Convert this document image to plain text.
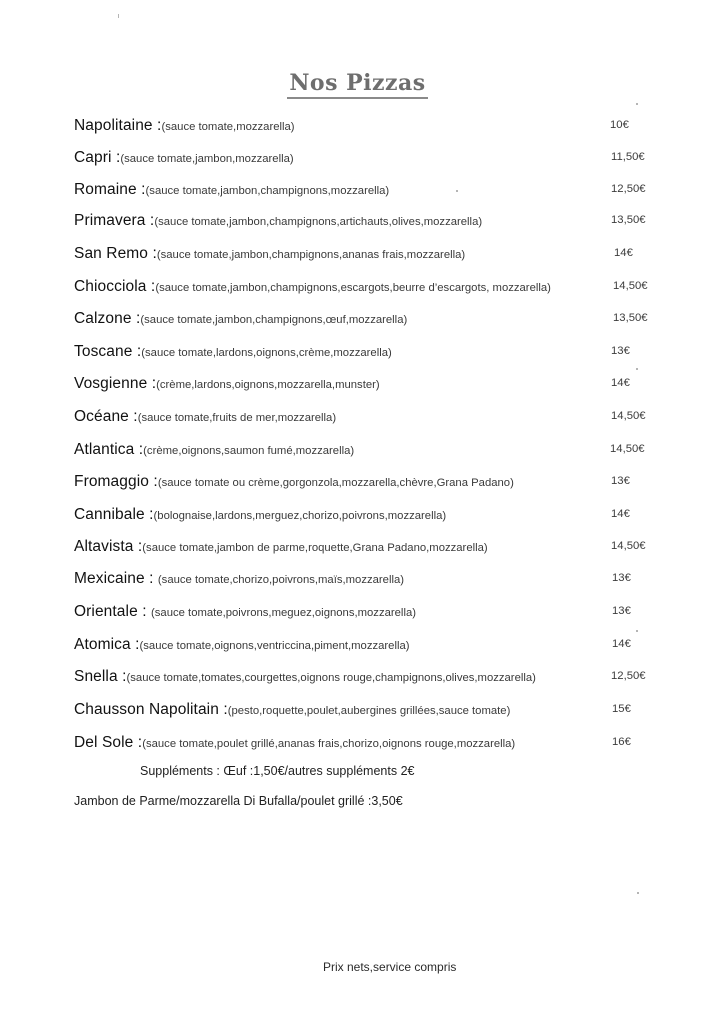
Nos Pizzas
Napolitaine :(sauce tomate,mozzarella)	10€
Capri :(sauce tomate,jambon,mozzarella)	11,50€
Romaine :(sauce tomate,jambon,champignons,mozzarella)	12,50€
Primavera :(sauce tomate,jambon,champignons,artichauts,olives,mozzarella)	13,50€
San Remo :(sauce tomate,jambon,champignons,ananas frais,mozzarella)	14€
Chiocciola :(sauce tomate,jambon,champignons,escargots,beurre d’escargots, mozzarella)	14,50€
Calzone :(sauce tomate,jambon,champignons,œuf,mozzarella)	13,50€
Toscane :(sauce tomate,lardons,oignons,crème,mozzarella)	13€
Vosgienne :(crème,lardons,oignons,mozzarella,munster)	14€
Océane :(sauce tomate,fruits de mer,mozzarella)	14,50€
Atlantica :(crème,oignons,saumon fumé,mozzarella)	14,50€
Fromaggio :(sauce tomate ou crème,gorgonzola,mozzarella,chèvre,Grana Padano)	13€
Cannibale :(bolognaise,lardons,merguez,chorizo,poivrons,mozzarella)	14€
Altavista :(sauce tomate,jambon de parme,roquette,Grana Padano,mozzarella)	14,50€
Mexicaine : (sauce tomate,chorizo,poivrons,maïs,mozzarella)	13€
Orientale : (sauce tomate,poivrons,meguez,oignons,mozzarella)	13€
Atomica :(sauce tomate,oignons,ventriccina,piment,mozzarella)	14€
Snella :(sauce tomate,tomates,courgettes,oignons rouge,champignons,olives,mozzarella)	12,50€
Chausson Napolitain :(pesto,roquette,poulet,aubergines grillées,sauce tomate)	15€
Del Sole :(sauce tomate,poulet grillé,ananas frais,chorizo,oignons rouge,mozzarella)	16€
Suppléments : Œuf :1,50€/autres suppléments 2€
Jambon de Parme/mozzarella Di Bufalla/poulet grillé :3,50€
Prix nets,service compris
